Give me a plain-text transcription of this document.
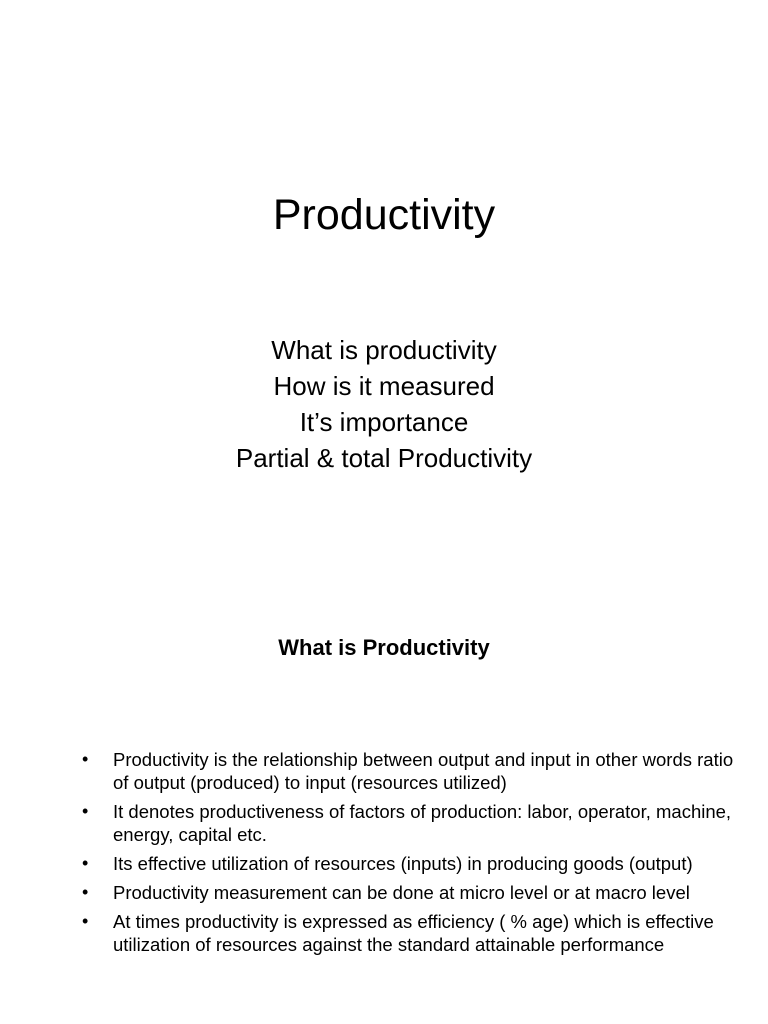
Productivity
What is productivity
How is it measured
It’s importance
Partial & total Productivity
What is Productivity
• Productivity is the relationship between output and input in other words ratio of output (produced) to input (resources utilized)
• It denotes productiveness of factors of production: labor, operator, machine, energy, capital etc.
• Its effective utilization of resources (inputs) in producing goods (output)
• Productivity measurement can be done at micro level or at macro level
• At times productivity is expressed as efficiency ( % age) which is effective utilization of resources against the standard attainable performance
